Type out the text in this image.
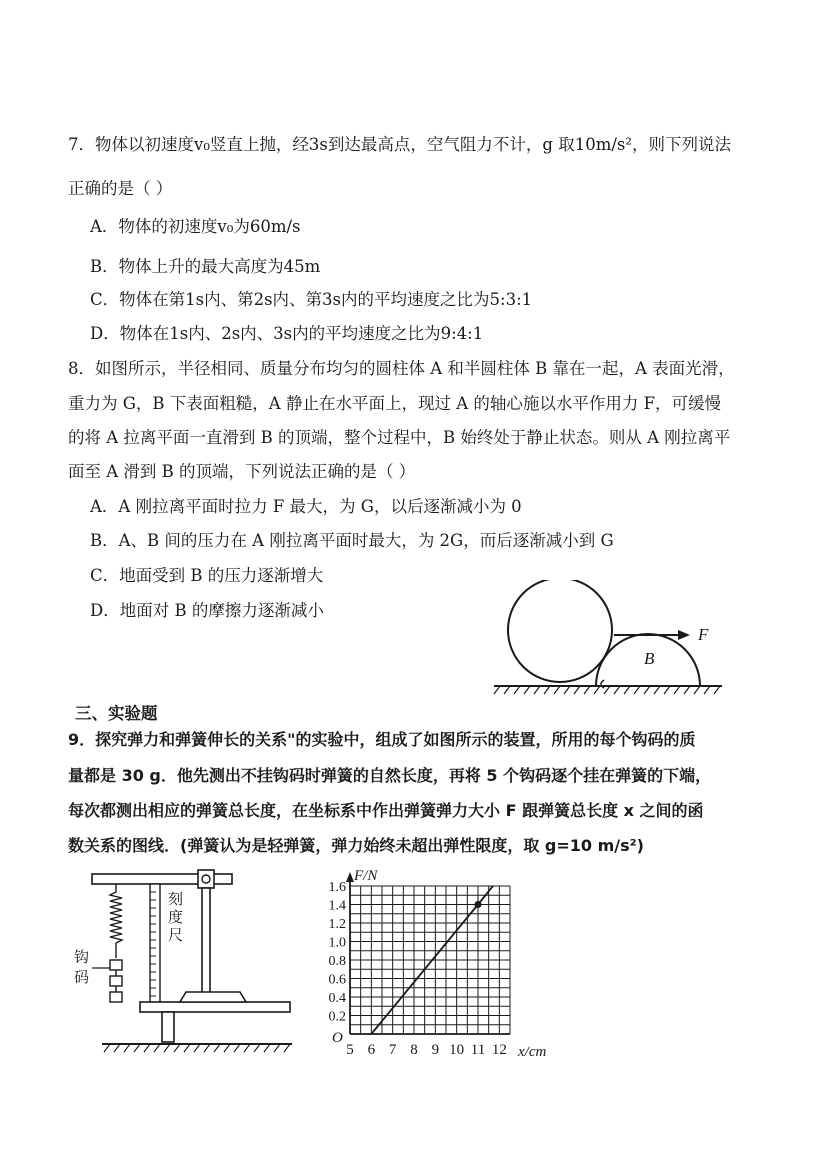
7．物体以初速度v₀竖直上抛，经3s到达最高点，空气阻力不计，g 取10m/s²，则下列说法
正确的是（ ）
A．物体的初速度v₀为60m/s
B．物体上升的最大高度为45m
C．物体在第1s内、第2s内、第3s内的平均速度之比为5:3:1
D．物体在1s内、2s内、3s内的平均速度之比为9:4:1
8．如图所示，半径相同、质量分布均匀的圆柱体 A 和半圆柱体 B 靠在一起，A 表面光滑，
重力为 G，B 下表面粗糙，A 静止在水平面上，现过 A 的轴心施以水平作用力 F，可缓慢
的将 A 拉离平面一直滑到 B 的顶端，整个过程中，B 始终处于静止状态。则从 A 刚拉离平
面至 A 滑到 B 的顶端，下列说法正确的是（ ）
A．A 刚拉离平面时拉力 F 最大，为 G，以后逐渐减小为 0
B．A、B 间的压力在 A 刚拉离平面时最大，为 2G，而后逐渐减小到 G
C．地面受到 B 的压力逐渐增大
D．地面对 B 的摩擦力逐渐减小
F
B
三、实验题
9．探究弹力和弹簧伸长的关系"的实验中，组成了如图所示的装置，所用的每个钩码的质
量都是 30 g．他先测出不挂钩码时弹簧的自然长度，再将 5 个钩码逐个挂在弹簧的下端，
每次都测出相应的弹簧总长度，在坐标系中作出弹簧弹力大小 F 跟弹簧总长度 x 之间的函
数关系的图线．(弹簧认为是轻弹簧，弹力始终未超出弹性限度，取 g=10 m/s²)
刻
度
尺
钩
码
5 6 7 8 9 10 11 12
0.2
0.4
0.6
0.8
1.0
1.2
1.4
1.6
F/N
x/cm
O
